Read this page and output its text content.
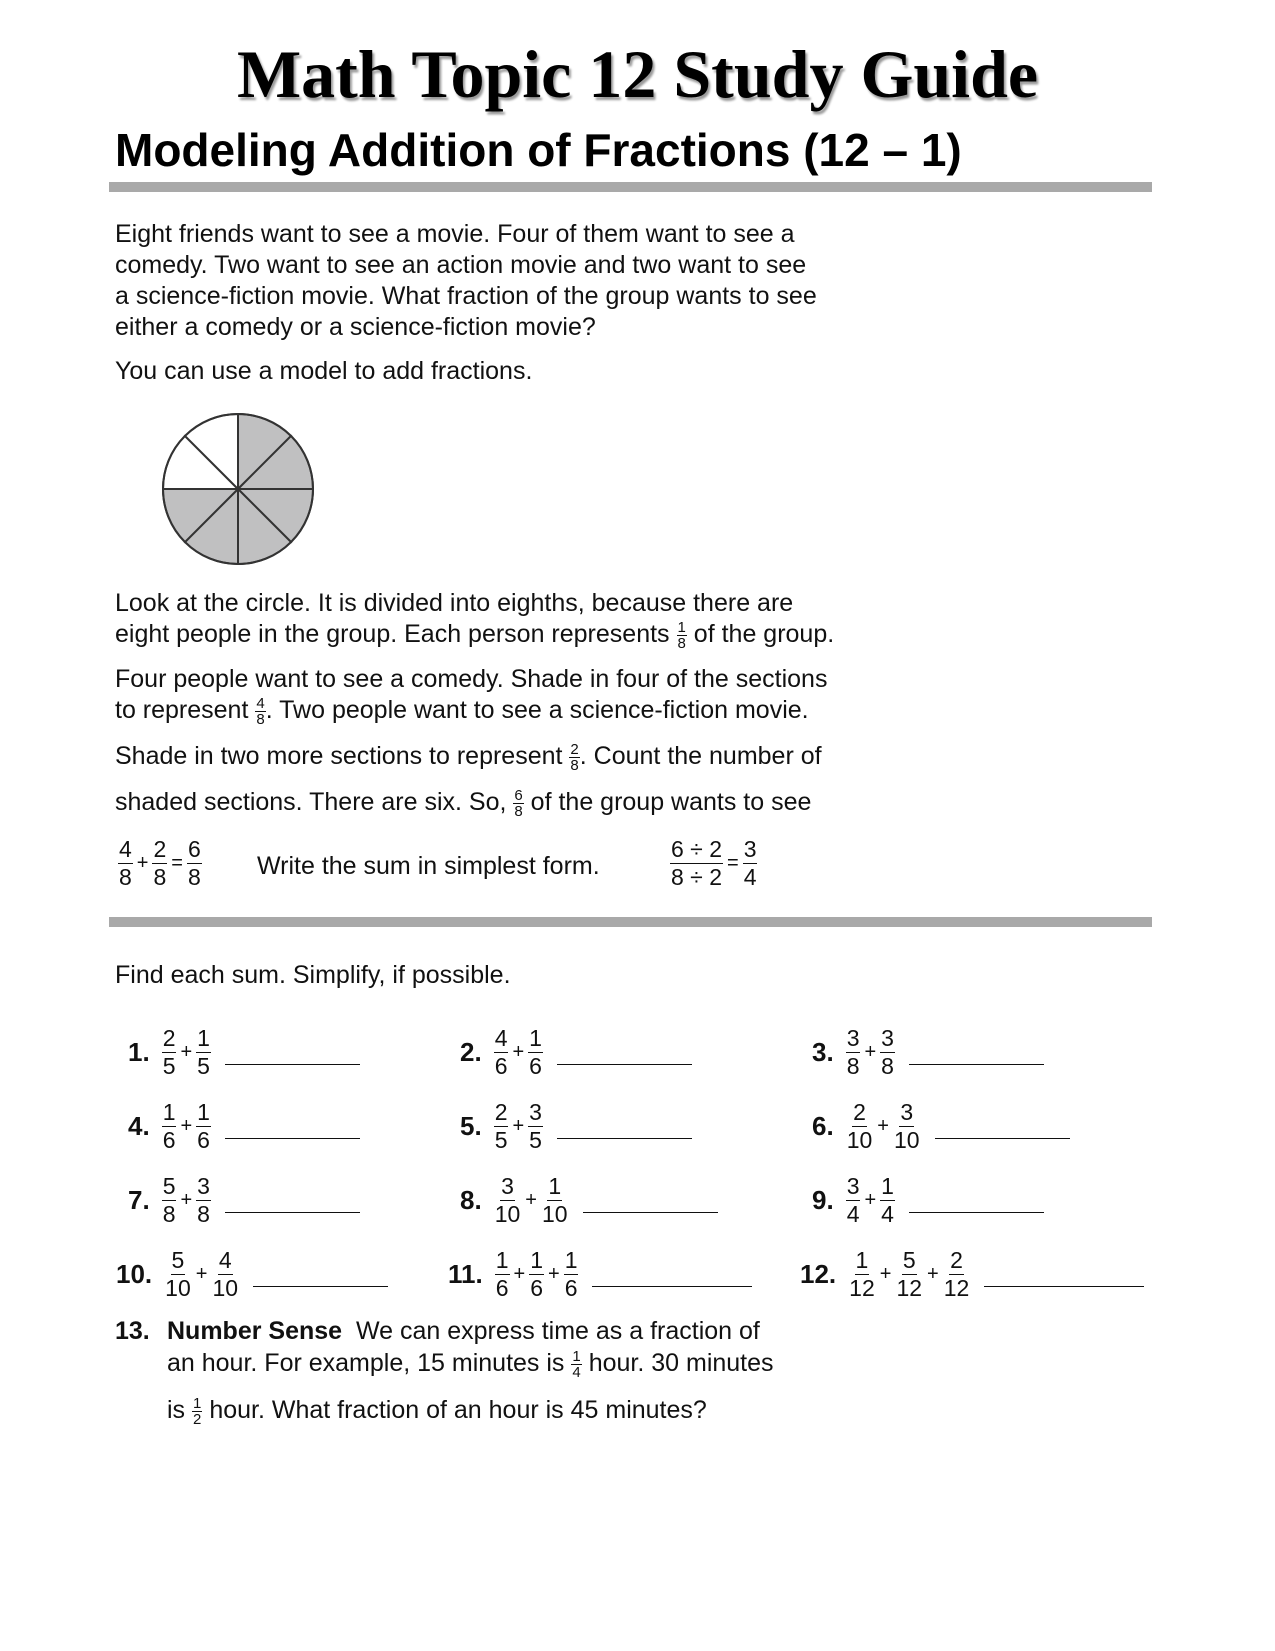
Math Topic 12 Study Guide
Modeling Addition of Fractions (12 – 1)
Eight friends want to see a movie. Four of them want to see a
comedy. Two want to see an action movie and two want to see
a science-fiction movie. What fraction of the group wants to see
either a comedy or a science-fiction movie?
You can use a model to add fractions.
Look at the circle. It is divided into eighths, because there are
eight people in the group. Each person represents $\frac{1}{8}$ of the group.
Four people want to see a comedy. Shade in four of the sections
to represent $\frac{4}{8}$ . Two people want to see a science-fiction movie.
Shade in two more sections to represent $\frac{2}{8}$ . Count the number of
shaded sections. There are six. So, $\frac{6}{8}$ of the group wants to see
$\frac{4}{8} + \frac{2}{8} = \frac{6}{8}$ Write the sum in simplest form.	$\frac{6 \div 2}{8 \div 2} = \frac{3}{4}$
Find each sum. Simplify, if possible.
1. $\frac{2}{5} + \frac{1}{5}$	2. $\frac{4}{6} + \frac{1}{6}$	3. $\frac{3}{8} + \frac{3}{8}$
4. $\frac{1}{6} + \frac{1}{6}$	5. $\frac{2}{5} + \frac{3}{5}$	6. $\frac{2}{10} + \frac{3}{10}$
7. $\frac{5}{8} + \frac{3}{8}$	8. $\frac{3}{10} + \frac{1}{10}$	9. $\frac{3}{4} + \frac{1}{4}$
10. $\frac{5}{10} + \frac{4}{10}$	11. $\frac{1}{6} + \frac{1}{6} + \frac{1}{6}$	12. $\frac{1}{12} + \frac{5}{12} + \frac{2}{12}$
13. Number Sense We can express time as a fraction of
an hour. For example, 15 minutes is $\frac{1}{4}$ hour. 30 minutes
is $\frac{1}{2}$ hour. What fraction of an hour is 45 minutes?
